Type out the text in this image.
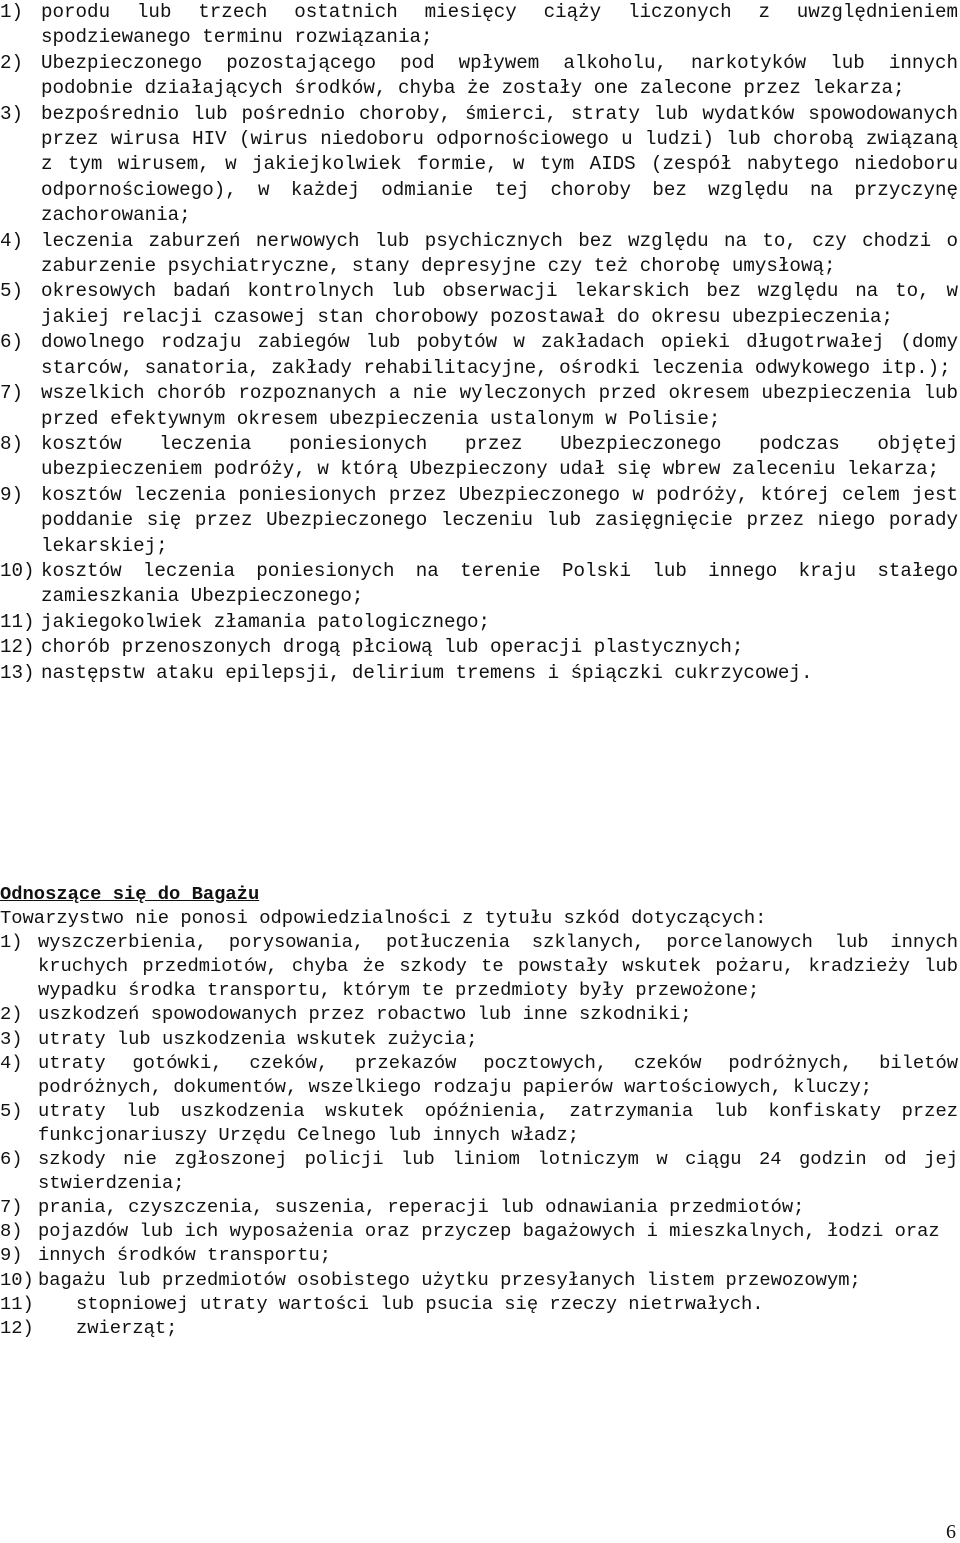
1) porodu lub trzech ostatnich miesięcy ciąży liczonych z uwzględnieniem spodziewanego terminu rozwiązania;
2) Ubezpieczonego pozostającego pod wpływem alkoholu, narkotyków lub innych podobnie działających środków, chyba że zostały one zalecone przez lekarza;
3) bezpośrednio lub pośrednio choroby, śmierci, straty lub wydatków spowodowanych przez wirusa HIV (wirus niedoboru odpornościowego u ludzi) lub chorobą związaną z tym wirusem, w jakiejkolwiek formie, w tym AIDS (zespół nabytego niedoboru odpornościowego), w każdej odmianie tej choroby bez względu na przyczynę zachorowania;
4) leczenia zaburzeń nerwowych lub psychicznych bez względu na to, czy chodzi o zaburzenie psychiatryczne, stany depresyjne czy też chorobę umysłową;
5) okresowych badań kontrolnych lub obserwacji lekarskich bez względu na to, w jakiej relacji czasowej stan chorobowy pozostawał do okresu ubezpieczenia;
6) dowolnego rodzaju zabiegów lub pobytów w zakładach opieki długotrwałej (domy starców, sanatoria, zakłady rehabilitacyjne, ośrodki leczenia odwykowego itp.);
7) wszelkich chorób rozpoznanych a nie wyleczonych przed okresem ubezpieczenia lub przed efektywnym okresem ubezpieczenia ustalonym w Polisie;
8) kosztów leczenia poniesionych przez Ubezpieczonego podczas objętej ubezpieczeniem podróży, w którą Ubezpieczony udał się wbrew zaleceniu lekarza;
9) kosztów leczenia poniesionych przez Ubezpieczonego w podróży, której celem jest poddanie się przez Ubezpieczonego leczeniu lub zasięgnięcie przez niego porady lekarskiej;
10) kosztów leczenia poniesionych na terenie Polski lub innego kraju stałego zamieszkania Ubezpieczonego;
11) jakiegokolwiek złamania patologicznego;
12) chorób przenoszonych drogą płciową lub operacji plastycznych;
13) następstw ataku epilepsji, delirium tremens i śpiączki cukrzycowej.
Odnoszące się do Bagażu
Towarzystwo nie ponosi odpowiedzialności z tytułu szkód dotyczących:
1) wyszczerbienia, porysowania, potłuczenia szklanych, porcelanowych lub innych kruchych przedmiotów, chyba że szkody te powstały wskutek pożaru, kradzieży lub wypadku środka transportu, którym te przedmioty były przewożone;
2) uszkodzeń spowodowanych przez robactwo lub inne szkodniki;
3) utraty lub uszkodzenia wskutek zużycia;
4) utraty gotówki, czeków, przekazów pocztowych, czeków podróżnych, biletów podróżnych, dokumentów, wszelkiego rodzaju papierów wartościowych, kluczy;
5) utraty lub uszkodzenia wskutek opóźnienia, zatrzymania lub konfiskaty przez funkcjonariuszy Urzędu Celnego lub innych władz;
6) szkody nie zgłoszonej policji lub liniom lotniczym w ciągu 24 godzin od jej stwierdzenia;
7) prania, czyszczenia, suszenia, reperacji lub odnawiania przedmiotów;
8) pojazdów lub ich wyposażenia oraz przyczep bagażowych i mieszkalnych, łodzi oraz
9) innych środków transportu;
10) bagażu lub przedmiotów osobistego użytku przesyłanych listem przewozowym;
11)	stopniowej utraty wartości lub psucia się rzeczy nietrwałych.
12)	zwierząt;
6
